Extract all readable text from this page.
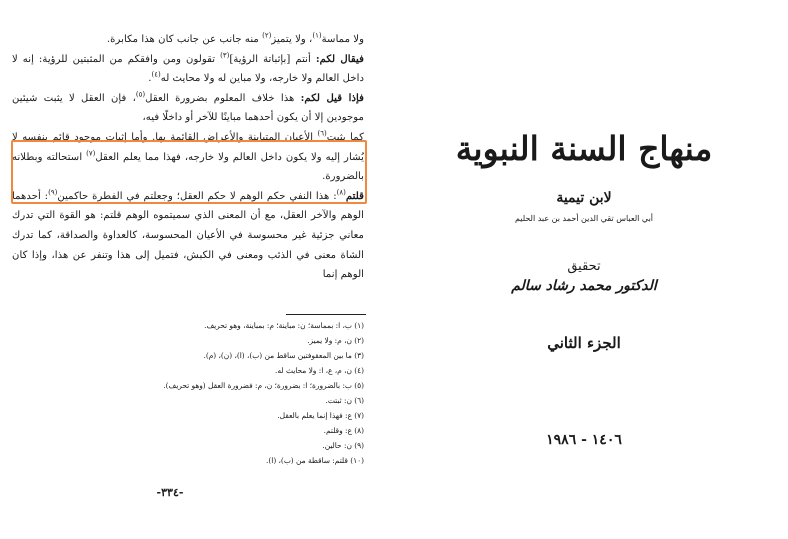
ولا مماسة$^{(١)}$، ولا يتميز$^{(٢)}$ منه جانب عن جانب كان هذا مكابرة.

فيقال لكم: أنتم [بإثباتة الرؤية]$^{(٣)}$ تقولون ومن وافقكم من المثبتين للرؤية: إنه لا داخل العالم ولا خارجه، ولا مباين له ولا محايث له$^{(٤)}$.

فإذا قيل لكم: هذا خلاف المعلوم بضرورة العقل$^{(٥)}$، فإن العقل لا يثبت شيئين موجودين إلا أن يكون أحدهما مباينًا للآخر أو داخلًا فيه،

كما يثبت$^{(٦)}$ الأعيان المتباينة والأعراض القائمة بها. وأما إثبات موجود قائم بنفسه لا يُشار إليه ولا يكون داخل العالم ولا خارجه، فهذا مما يعلم العقل$^{(٧)}$ استحالته وبطلانه بالضرورة.

قلتم$^{(٨)}$: هذا النفي حكم الوهم لا حكم العقل؛ وجعلتم في الفطرة حاكمين$^{(٩)}$: أحدهما الوهم والآخر العقل، مع أن المعنى الذي سميتموه الوهم قلتم: هو القوة التي تدرك معاني جزئية غير محسوسة في الأعيان المحسوسة، كالعداوة والصداقة، كما تدرك الشاة معنى في الذئب ومعنى في الكبش، فتميل إلى هذا وتنفر عن هذا، وإذا كان الوهم إنما

(١) ب، ا: بمماسة؛ ن: مباينة؛ م: بمباينة، وهو تحريف.
(٢) ن، م: ولا يميز.
(٣) ما بين المعقوفتين ساقط من (ب)، (ا)، (ن)، (م).
(٤) ن، م، ع، ا: ولا محايث له.
(٥) ب: بالضرورة؛ ا: بضرورة؛ ن، م: فضرورة العقل (وهو تحريف).
(٦) ن: ثبتت.
(٧) ع: فهذا إنما يعلم بالعقل.
(٨) ع: وقلتم.
(٩) ن: حالين.
(١٠) قلتم: ساقطة من (ب)، (ا).
-٣٣٤-
منهاج السنة النبوية
لابن تيمية
أبي العباس تقي الدين أحمد بن عبد الحليم
تحقيق
الدكتور محمد رشاد سالم
الجزء الثاني
١٤٠٦ - ١٩٨٦
